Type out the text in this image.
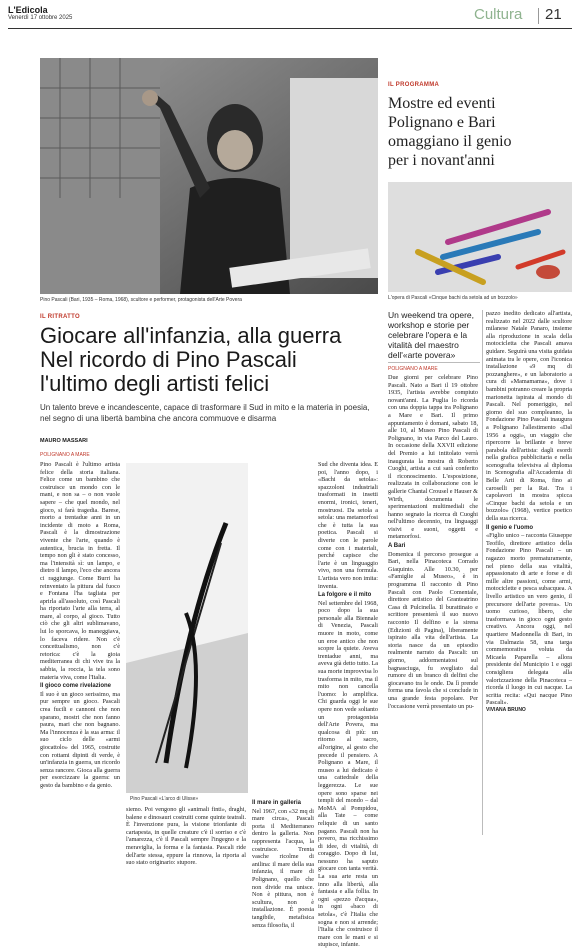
L'Edicola
Venerdì 17 ottobre 2025	Cultura 21
Pino Pascali (Bari, 1935 – Roma, 1968), scultore e performer, protagonista dell'Arte Povera
IL PROGRAMMA
Mostre ed eventi
Polignano e Bari
omaggiano il genio
per i novant'anni
L'opera di Pascali «Cinque bachi da setola ad un bozzolo»
IL RITRATTO
Giocare all'infanzia, alla guerra
Nel ricordo di Pino Pascali
l'ultimo degli artisti felici
Un talento breve e incandescente, capace di trasformare il Sud in mito e la materia in poesia, nel segno di una libertà bambina che ancora commuove e disarma
MAURO MASSARI
POLIGNANO A MARE

Pino Pascali è l'ultimo artista felice della storia italiana. Felice come un bambino che costruisce un mondo con le mani, e non sa – o non vuole sapere – che quel mondo, nel gioco, si farà tragedia. Barese, morto a trentadue anni in un incidente di moto a Roma, Pascali è la dimostrazione vivente che l'arte, quando è autentica, brucia in fretta. Il tempo non gli è stato concesso, ma l'intensità sì: un lampo, e dietro il lampo, l'eco che ancora ci raggiunge. Come Burri ha reinventato la pittura dal fuoco e Fontana l'ha tagliata per aprirla all'assoluto, così Pascali ha riportato l'arte alla terra, al mare, al corpo, al gioco. Tutto ciò che gli altri sublimavano, lui lo sporcava, lo maneggiava, lo faceva ridere. Non c'è concettualismo, non c'è retorica: c'è la gioia mediterranea di chi vive tra la sabbia, la roccia, la tela sono materia viva, come l'Italia.

Il gioco come rivelazione

Il suo è un gioco serissimo, ma pur sempre un gioco. Pascali crea fucili e cannoni che non sparano, mostri che non fanno paura, mari che non bagnano. Ma l'innocenza è la sua arma: il suo ciclo delle «armi giocattolo» del 1965, costruite con rottami dipinti di verde, è un'infanzia in guerra, un ricordo senza rancore. Gioca alla guerra per esorcizzare la guerra: un gesto da bambino e da genio.

Pino Pascali «L'arco di Ulisse»

siemo. Poi vengono gli «animali finti», draghi, balene e dinosauri costruiti come quinte teatrali. È l'invenzione pura, la visione trionfante di cartapesta, in quelle creature c'è il sorriso e c'è l'amarezza, c'è il Pascali sempre l'ingegno e la meraviglia, la forma e la fantasia. Pascali ride dell'arte stessa, eppure la rinnova, la riporta al suo stato originario: stupore.

Il mare in galleria

Nel 1967, con «32 mq di mare circa», Pascali porta il Mediterraneo dentro la galleria. Non rappresenta l'acqua, la costruisce. Trenta vasche ricolme di anilina: il mare della sua infanzia, il mare di Polignano, quello che non divide ma unisce. Non è pittura, non è scultura, non è installazione. È poesia tangibile, metafisica senza filosofia, il

Sud che diventa idea. E poi, l'anno dopo, i «Bachi da setola»: spazzoloni industriali trasformati in insetti enormi, ironici, teneri, mostruosi. Da setola a setola: una metamorfosi che è tutta la sua poetica. Pascali si diverte con le parole come con i materiali, perché capisce che l'arte è un linguaggio vivo, non una formula. L'artista vero non imita: inventa.

La folgore e il mito

Nel settembre del 1968, poco dopo la sua personale alla Biennale di Venezia, Pascali muore in moto, come un eroe antico che non scopre la quiete. Aveva trentadue anni, ma aveva già detto tutto. La sua morte improvvisa lo trasforma in mito, ma il mito non cancella l'uomo: lo amplifica. Chi guarda oggi le sue opere non vede soltanto un protagonista dell'Arte Povera, ma qualcosa di più: un ritorno al sacro, all'origine, al gesto che precede il pensiero. A Polignano a Mare, il museo a lui dedicato è una cattedrale della leggerezza. Le sue opere sono sparse nei templi del mondo – dal MoMA al Pompidou, alla Tate – come reliquie di un santo pagano. Pascali non ha povero, ma ricchissimo di idee, di vitalità, di coraggio. Dopo di lui, nessuno ha saputo giocare con tanta verità. La sua arte resta un inno alla libertà, alla fantasia e alla follia. In ogni «pezzo d'acqua», in ogni «baco di setola», c'è l'Italia che sogna e non si arrende; l'Italia che costruisce il mare con le mani e si stupisce, infante.

Un weekend tra opere, workshop e storie per celebrare l'opera e la vitalità del maestro dell'«arte povera»
POLIGNANO A MARE

Due giorni per celebrare Pino Pascali. Nato a Bari il 19 ottobre 1935, l'artista avrebbe compiuto novant'anni. La Puglia lo ricorda con una doppia tappa tra Polignano a Mare e Bari. Il primo appuntamento è domani, sabato 18, alle 10, al Museo Pino Pascali di Polignano, in via Parco del Lauro. In occasione della XXVII edizione del Premio a lui intitolato verrà inaugurata la mostra di Roberto Cuoghi, artista a cui sarà conferito il riconoscimento. L'esposizione, realizzata in collaborazione con le gallerie Chantal Crousel e Hauser & Wirth, documenta le sperimentazioni multimediali che hanno segnato la ricerca di Cuoghi nell'ultimo decennio, tra linguaggi visivi e suoni, oggetti e metamorfosi.

A Bari

Domenica il percorso prosegue a Bari, nella Pinacoteca Corrado Giaquinto. Alle 10.30, per «Famiglie al Museo», è in programma Il racconto di Pino Pascali con Paolo Comentale, direttore artistico del Granteatrino Casa di Pulcinella. Il burattinaio e scrittore presenterà il suo nuovo racconto Il delfino e la sirena (Edizioni di Pagina), liberamente ispirato alla vita dell'artista. La storia nasce da un episodio realmente narrato da Pascali: un giorno, addormentatosi sul bagnasciuga, fu svegliato dal rumore di un branco di delfini che giocavano tra le onde. Da lì prende forma una favola che si conclude in una grande festa popolare. Per l'occasione verrà presentato un pu-

pazzo inedito dedicato all'artista, realizzato nel 2022 dalle scultore milanese Natale Panaro, insieme alla riproduzione in scala della motocicletta che Pascali amava guidare. Seguirà una visita guidata animata tra le opere, con l'iconica installazione «9 mq di pozzanghere», e un laboratorio a cura di «Mamamama», dove i bambini potranno creare la propria marionetta ispirata al mondo di Pascali. Nel pomeriggio, nel giorno del suo compleanno, la Fondazione Pino Pascali inaugura a Polignano l'allestimento «Dal 1956 a oggi», un viaggio che ripercorre la brillante e breve parabola dell'artista: dagli esordi nella grafica pubblicitaria e nella scenografia televisiva al diploma in Scenografia all'Accademia di Belle Arti di Roma, fino ai caroselli per la Rai. Tra i capolavori in mostra spicca «Cinque bachi da setola e un bozzolo» (1968), vertice poetico della sua ricerca.

Il genio e l'uomo

«Figlio unico – racconta Giuseppe Teofilo, direttore artistico della Fondazione Pino Pascali – un ragazzo morto prematuramente, nel pieno della sua vitalità, appassionato di arte e forse e di mille altre passioni, come armi, motociclette e pesca subacquea. A livello artistico un vero genio, il precursore dell'arte povera». Un uomo curioso, libero, che trasformava in gioco ogni gesto creativo. Ancora oggi, nel quartiere Madonnella di Bari, in via Dalmazia 58, una targa commemorativa voluta da Micaela Paparella – allora presidente del Municipio 1 e oggi consigliera delegata alla valorizzazione della Pinacoteca – ricorda il luogo in cui nacque. La scritta recita: «Qui nacque Pino Pascali».

VIVIANA BRUNO
